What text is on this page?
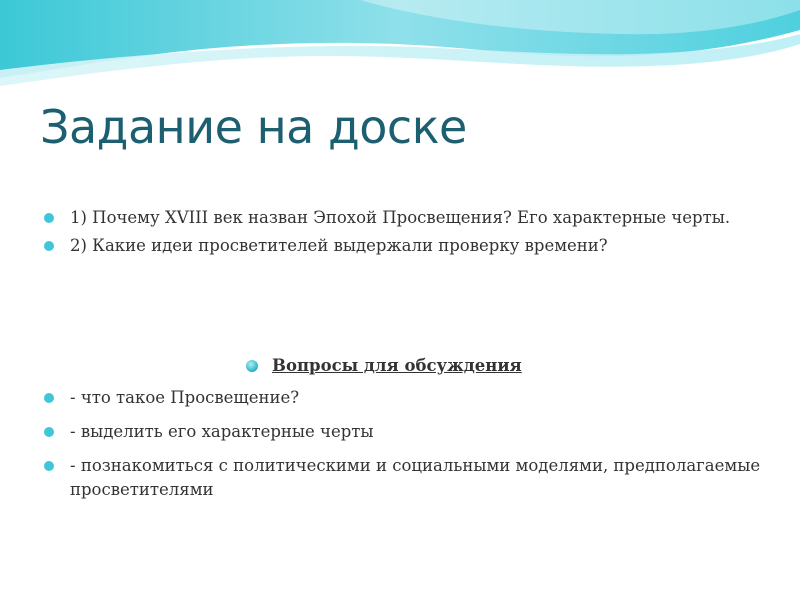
Задание на доске
1) Почему XVIII век назван Эпохой Просвещения? Его характерные черты.
2) Какие идеи просветителей выдержали проверку времени?
Вопросы для обсуждения
- что такое Просвещение?
- выделить его характерные черты
- познакомиться с политическими и социальными моделями, предполагаемые просветителями
